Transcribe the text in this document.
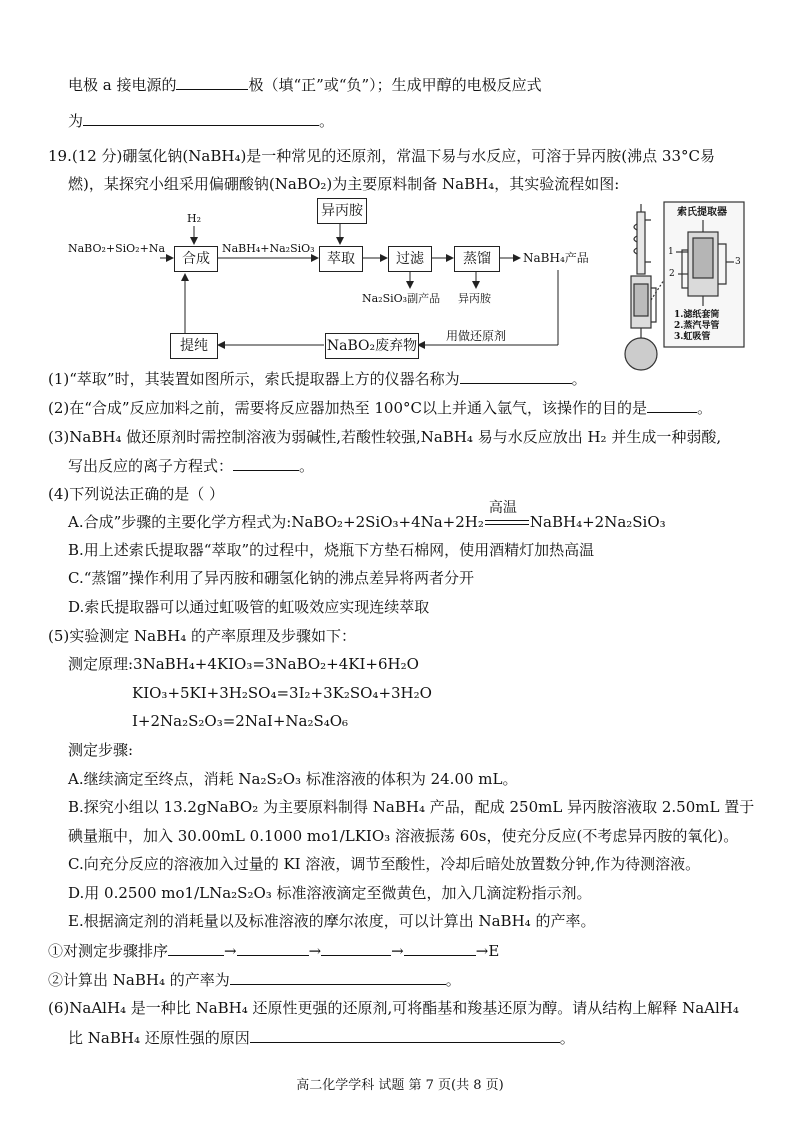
电极 a 接电源的	极（填“正”或“负”）；生成甲醇的电极反应式
为	。
19.(12 分)硼氢化钠(NaBH₄)是一种常见的还原剂，常温下易与水反应，可溶于异丙胺(沸点 33°C易
燃)，某探究小组采用偏硼酸钠(NaBO₂)为主要原料制备 NaBH₄，其实验流程如图:
NaBO₂+SiO₂+Na
H₂
合成
NaBH₄+Na₂SiO₃
异丙胺
萃取	过滤	蒸馏	NaBH₄产品
Na₂SiO₃副产品 异丙胺
提纯	NaBO₂废弃物
用做还原剂
索氏提取器
1
2
3
1.滤纸套筒
2.蒸汽导管
3.虹吸管
(1)“萃取”时，其装置如图所示，索氏提取器上方的仪器名称为	。
(2)在“合成”反应加料之前，需要将反应器加热至 100°C以上并通入氩气，该操作的目的是	。
(3)NaBH₄ 做还原剂时需控制溶液为弱碱性,若酸性较强,NaBH₄ 易与水反应放出 H₂ 并生成一种弱酸,
写出反应的离子方程式：	。
(4)下列说法正确的是（ ）
A.合成”步骤的主要化学方程式为:NaBO₂+2SiO₃+4Na+2H₂
高温
NaBH₄+2Na₂SiO₃
B.用上述索氏提取器“萃取”的过程中，烧瓶下方垫石棉网，使用酒精灯加热高温
C.“蒸馏”操作利用了异丙胺和硼氢化钠的沸点差异将两者分开
D.索氏提取器可以通过虹吸管的虹吸效应实现连续萃取
(5)实验测定 NaBH₄ 的产率原理及步骤如下：
测定原理:3NaBH₄+4KIO₃=3NaBO₂+4KI+6H₂O
KIO₃+5KI+3H₂SO₄=3I₂+3K₂SO₄+3H₂O
I+2Na₂S₂O₃=2NaI+Na₂S₄O₆
测定步骤:
A.继续滴定至终点，消耗 Na₂S₂O₃ 标准溶液的体积为 24.00 mL。
B.探究小组以 13.2gNaBO₂ 为主要原料制得 NaBH₄ 产品，配成 250mL 异丙胺溶液取 2.50mL 置于
碘量瓶中，加入 30.00mL 0.1000 mo1/LKIO₃ 溶液振荡 60s，使充分反应(不考虑异丙胺的氧化)。
C.向充分反应的溶液加入过量的 KI 溶液，调节至酸性，冷却后暗处放置数分钟,作为待测溶液。
D.用 0.2500 mo1/LNa₂S₂O₃ 标准溶液滴定至微黄色，加入几滴淀粉指示剂。
E.根据滴定剂的消耗量以及标准溶液的摩尔浓度，可以计算出 NaBH₄ 的产率。
①对测定步骤排序	→	→	→	→E
②计算出 NaBH₄ 的产率为	。
(6)NaAlH₄ 是一种比 NaBH₄ 还原性更强的还原剂,可将酯基和羧基还原为醇。请从结构上解释 NaAlH₄
比 NaBH₄ 还原性强的原因	。
高二化学学科 试题 第 7 页(共 8 页)
